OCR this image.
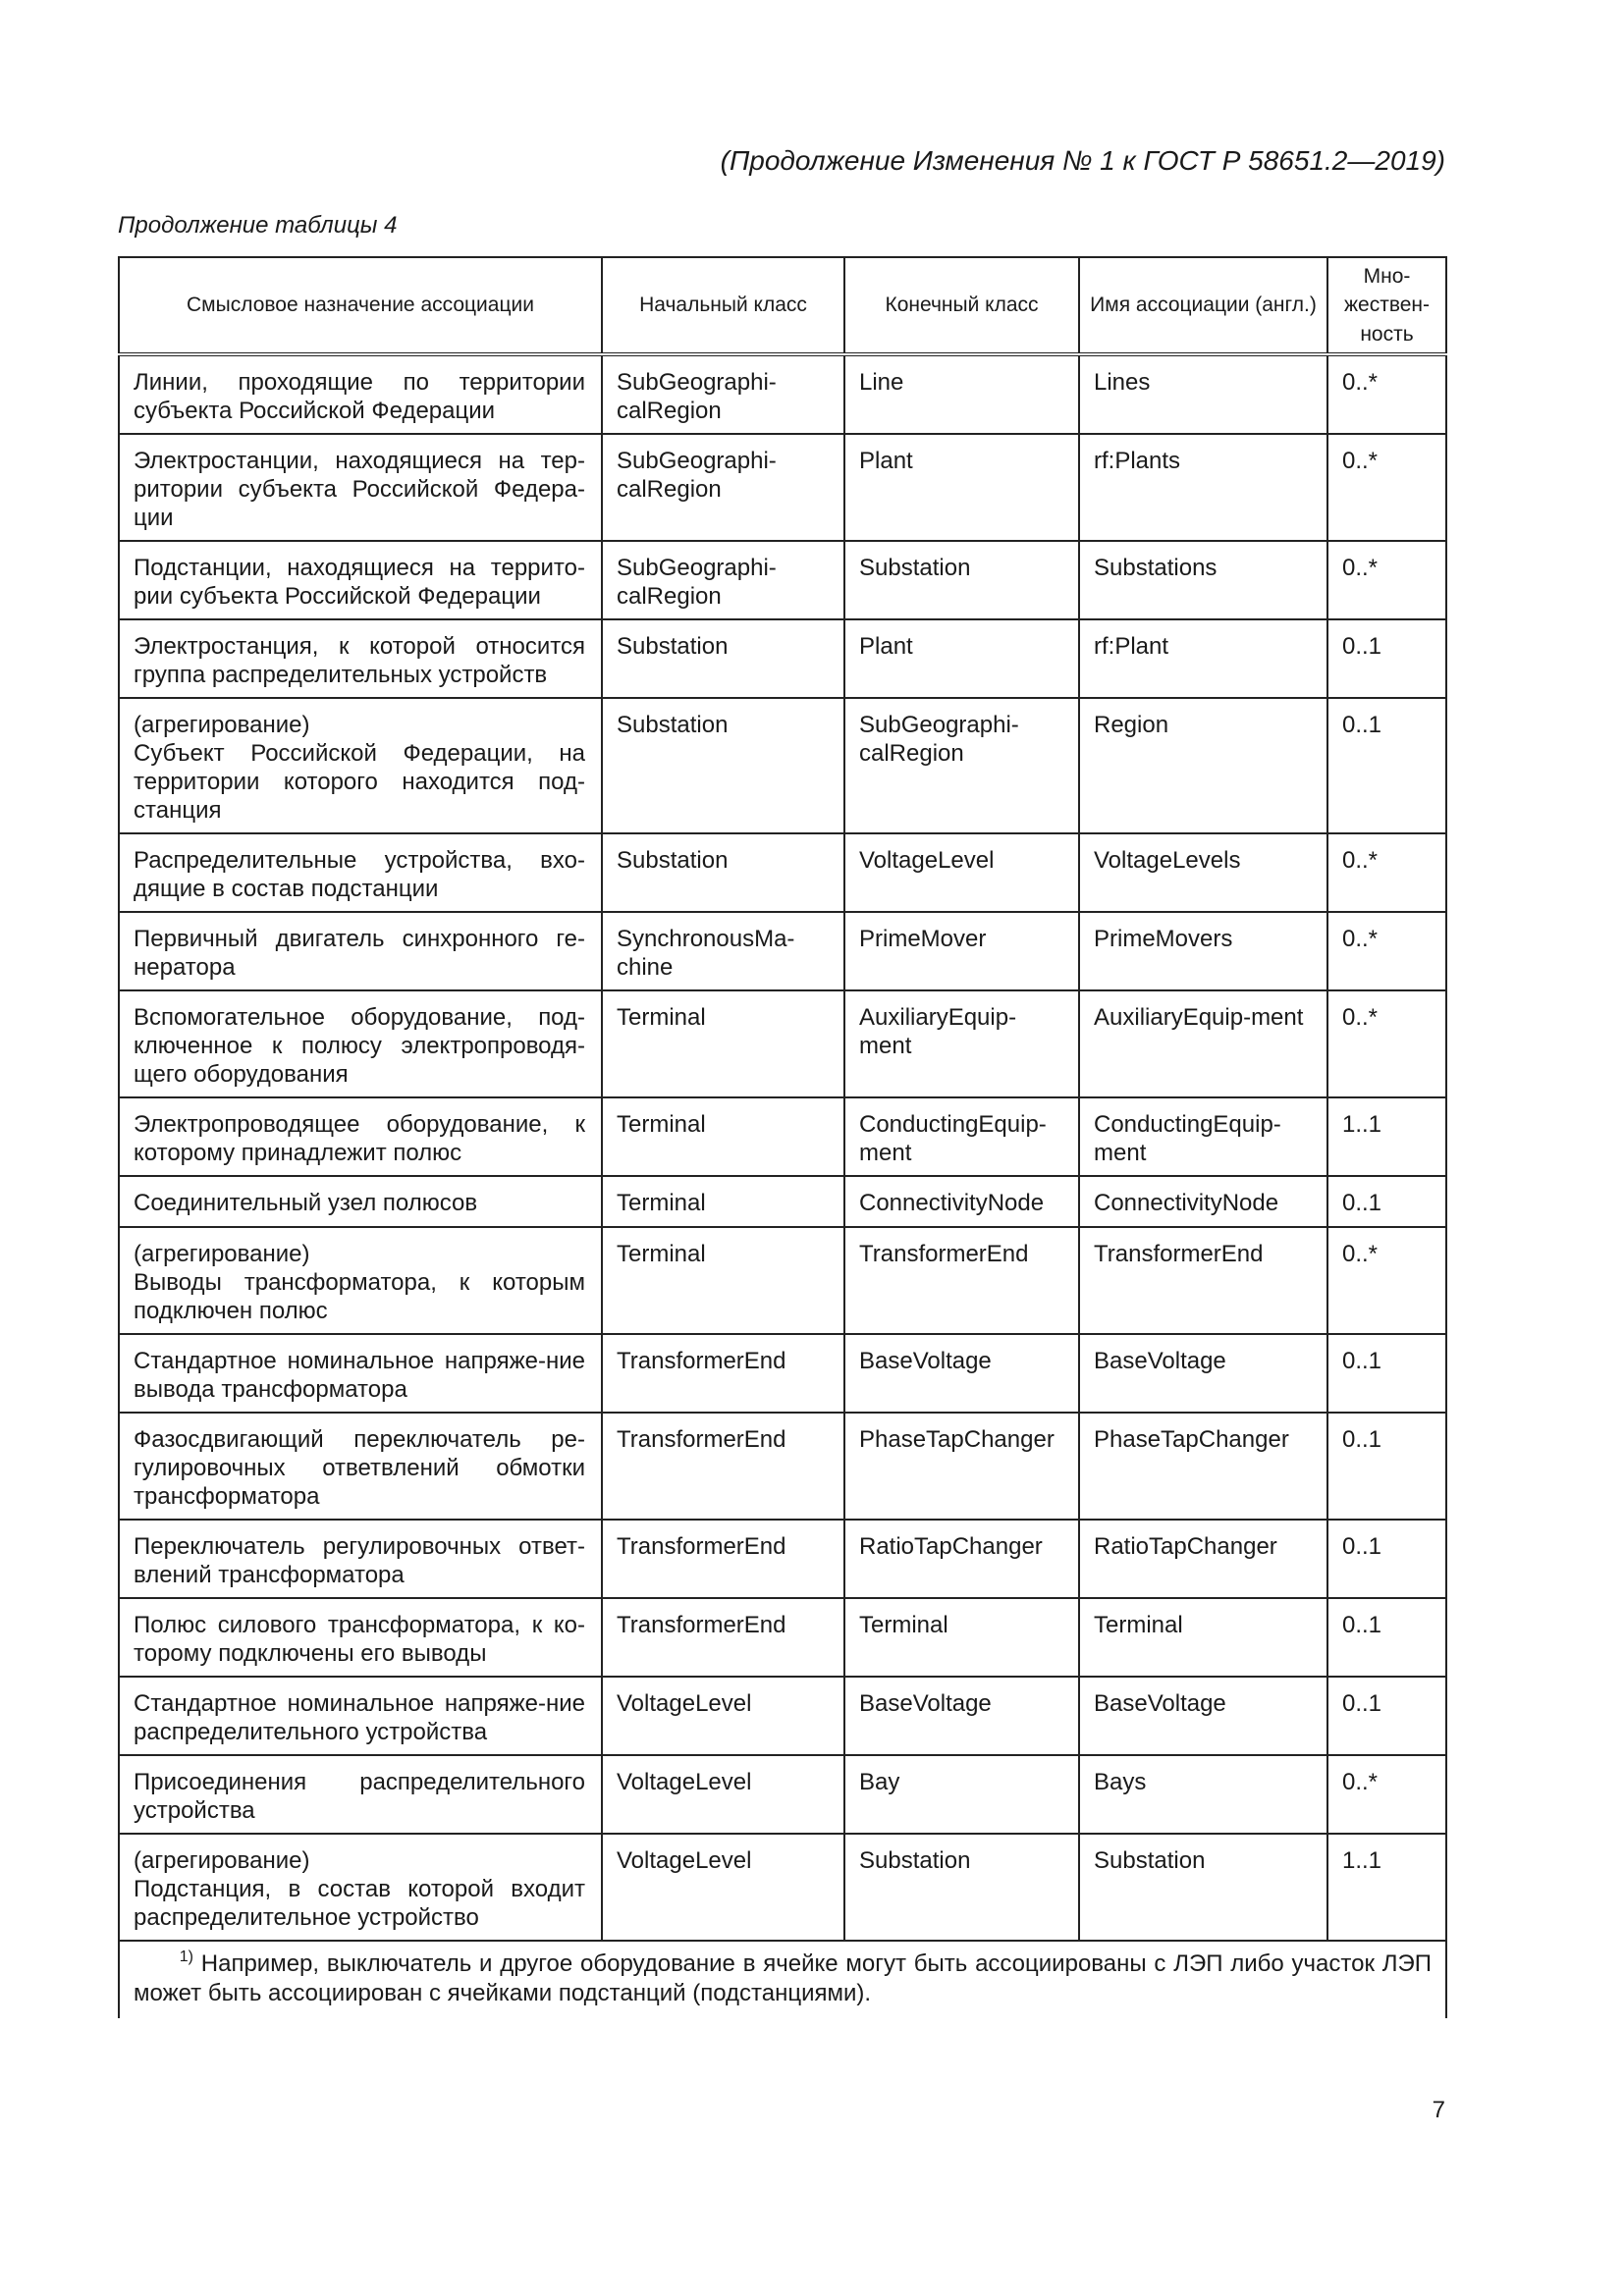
(Продолжение Изменения № 1 к ГОСТ Р 58651.2—2019)
Продолжение таблицы 4
Смысловое назначение ассоциации	Начальный класс	Конечный класс	Имя ассоциации (англ.)	Мно-жествен-ность

Линии, проходящие по территории субъекта Российской Федерации	SubGeographi-calRegion	Line	Lines	0..*

Электростанции, находящиеся на тер-ритории субъекта Российской Федера-ции	SubGeographi-calRegion	Plant	rf:Plants	0..*

Подстанции, находящиеся на террито-рии субъекта Российской Федерации	SubGeographi-calRegion	Substation	Substations	0..*

Электростанция, к которой относится группа распределительных устройств	Substation	Plant	rf:Plant	0..1

(агрегирование)
Субъект Российской Федерации, на территории которого находится под-станция	Substation	SubGeographi-calRegion	Region	0..1

Распределительные устройства, вхо-дящие в состав подстанции	Substation	VoltageLevel	VoltageLevels	0..*

Первичный двигатель синхронного ге-нератора	SynchronousMa-chine	PrimeMover	PrimeMovers	0..*

Вспомогательное оборудование, под-ключенное к полюсу электропроводя-щего оборудования	Terminal	AuxiliaryEquip-ment	AuxiliaryEquip-ment	0..*

Электропроводящее оборудование, к которому принадлежит полюс	Terminal	ConductingEquip-ment	ConductingEquip-ment	1..1

Соединительный узел полюсов	Terminal	ConnectivityNode	ConnectivityNode	0..1

(агрегирование)
Выводы трансформатора, к которым подключен полюс	Terminal	TransformerEnd	TransformerEnd	0..*

Стандартное номинальное напряже-ние вывода трансформатора	TransformerEnd	BaseVoltage	BaseVoltage	0..1

Фазосдвигающий переключатель ре-гулировочных ответвлений обмотки трансформатора	TransformerEnd	PhaseTapChanger	PhaseTapChanger	0..1

Переключатель регулировочных ответ-влений трансформатора	TransformerEnd	RatioTapChanger	RatioTapChanger	0..1

Полюс силового трансформатора, к ко-торому подключены его выводы	TransformerEnd	Terminal	Terminal	0..1

Стандартное номинальное напряже-ние распределительного устройства	VoltageLevel	BaseVoltage	BaseVoltage	0..1

Присоединения распределительного устройства	VoltageLevel	Bay	Bays	0..*

(агрегирование)
Подстанция, в состав которой входит распределительное устройство	VoltageLevel	Substation	Substation	1..1
$^{1)}$ Например, выключатель и другое оборудование в ячейке могут быть ассоциированы с ЛЭП либо участок ЛЭП может быть ассоциирован с ячейками подстанций (подстанциями).				
7
